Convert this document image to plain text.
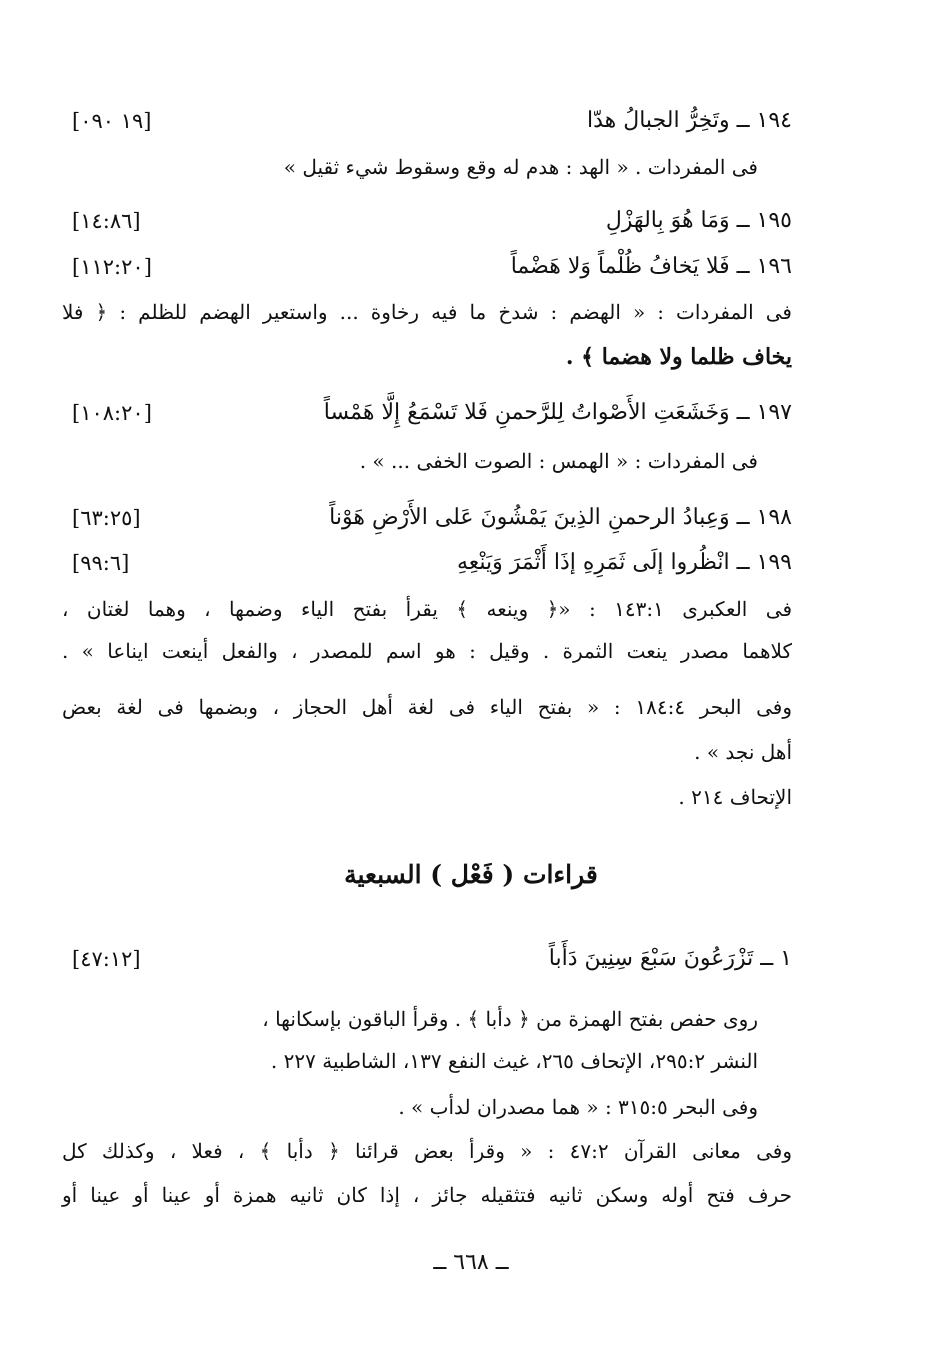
١٩٤ ــ وتَخِرُّ الجبالُ هدّا
[١٩ ٠٩٠]
فى المفردات . « الهد : هدم له وقع وسقوط شيء ثقيل »
١٩٥ ــ وَمَا هُوَ بِالهَزْلِ
[١٤:٨٦]
١٩٦ ــ فَلا يَخافُ ظُلْماً وَلا هَضْماً
[١١٢:٢٠]
فى المفردات : « الهضم : شدخ ما فيه رخاوة ... واستعير الهضم للظلم : ﴿ فلا
يخاف ظلما ولا هضما ﴾ .
١٩٧ ــ وَخَشَعَتِ الأَصْواتُ لِلرَّحمنِ فَلا تَسْمَعُ إِلَّا هَمْساً
[١٠٨:٢٠]
فى المفردات : « الهمس : الصوت الخفى ... » .
١٩٨ ــ وَعِبادُ الرحمنِ الذِينَ يَمْشُونَ عَلى الأَرْضِ هَوْناً
[٦٣:٢٥]
١٩٩ ــ انْظُروا إلَى ثَمَرِهِ إذَا أَثْمَرَ وَيَنْعِهِ
[٩٩:٦]
فى العكبرى ١٤٣:١ : «﴿ وينعه ﴾ يقرأ بفتح الياء وضمها ، وهما لغتان ،
كلاهما مصدر ينعت الثمرة . وقيل : هو اسم للمصدر ، والفعل أينعت ايناعا » .
وفى البحر ١٨٤:٤ : « بفتح الياء فى لغة أهل الحجاز ، وبضمها فى لغة بعض
أهل نجد » .
الإتحاف ٢١٤ .
قراءات ( فَعْل ) السبعية
١ ــ تَزْرَعُونَ سَبْعَ سِنِينَ دَأَباً
[٤٧:١٢]
روى حفص بفتح الهمزة من ﴿ دأبا ﴾ . وقرأ الباقون بإسكانها ،
النشر ٢٩٥:٢، الإتحاف ٢٦٥، غيث النفع ١٣٧، الشاطبية ٢٢٧ .
وفى البحر ٣١٥:٥ : « هما مصدران لدأب » .
وفى معانى القرآن ٤٧:٢ : « وقرأ بعض قرائنا ﴿ دأبا ﴾ ، فعلا ، وكذلك كل
حرف فتح أوله وسكن ثانيه فتثقيله جائز ، إذا كان ثانيه همزة أو عينا أو عينا أو
ــ ٦٦٨ ــ
